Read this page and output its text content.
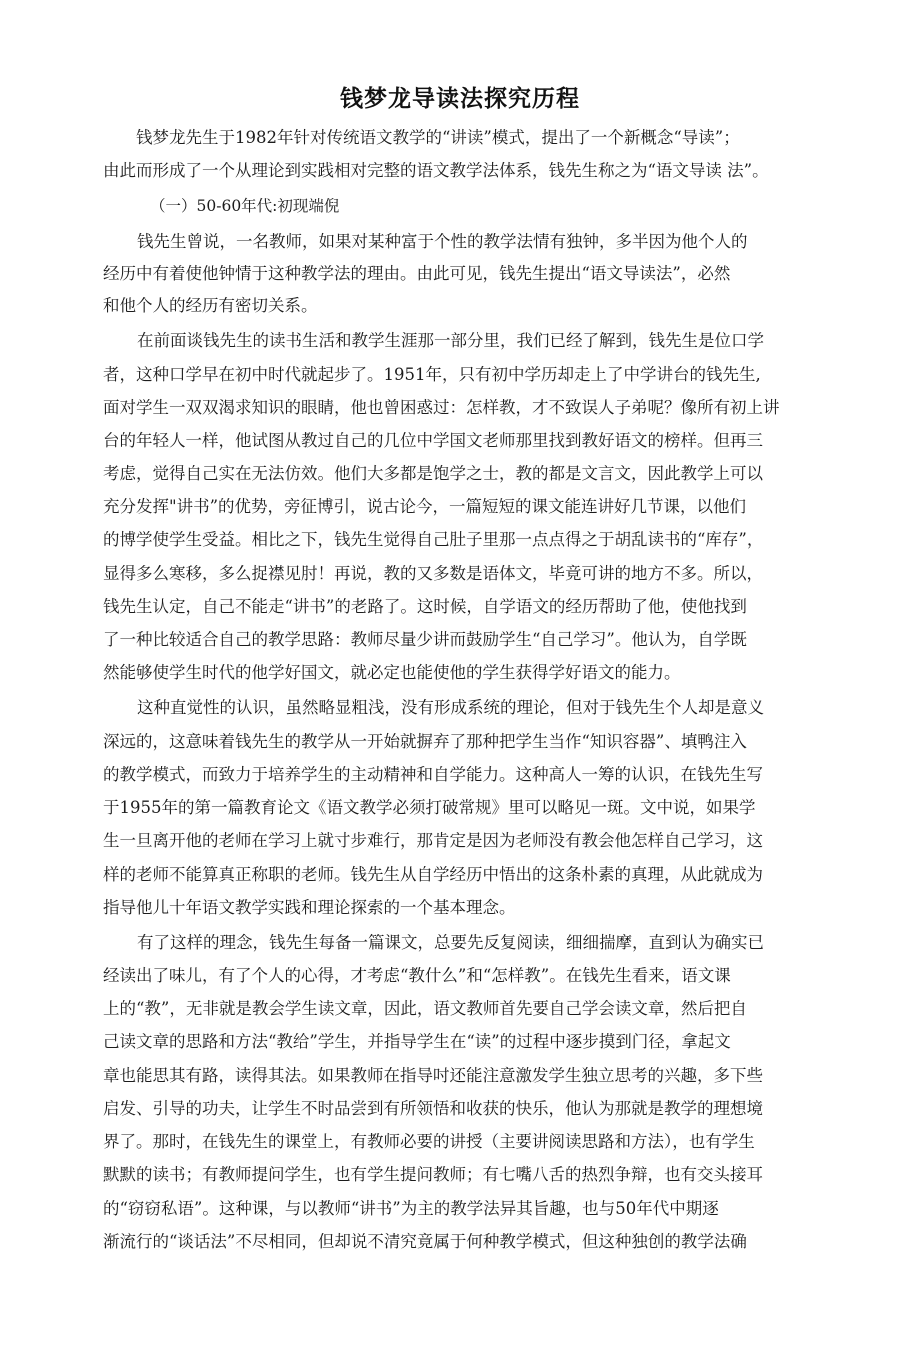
钱梦龙导读法探究历程
钱梦龙先生于1982年针对传统语文教学的“讲读”模式，提出了一个新概念“导读”；
由此而形成了一个从理论到实践相对完整的语文教学法体系，钱先生称之为“语文导读 法”。
（一）50-60年代:初现端倪
钱先生曾说，一名教师，如果对某种富于个性的教学法情有独钟，多半因为他个人的
经历中有着使他钟情于这种教学法的理由。由此可见，钱先生提出“语文导读法”，必然
和他个人的经历有密切关系。
在前面谈钱先生的读书生活和教学生涯那一部分里，我们已经了解到，钱先生是位口学
者，这种口学早在初中时代就起步了。1951年，只有初中学历却走上了中学讲台的钱先生,
面对学生一双双渴求知识的眼睛，他也曾困惑过：怎样教，才不致误人子弟呢？像所有初上讲
台的年轻人一样，他试图从教过自己的几位中学国文老师那里找到教好语文的榜样。但再三
考虑，觉得自己实在无法仿效。他们大多都是饱学之士，教的都是文言文，因此教学上可以
充分发挥"讲书”的优势，旁征博引，说古论今，一篇短短的课文能连讲好几节课，以他们
的博学使学生受益。相比之下，钱先生觉得自己肚子里那一点点得之于胡乱读书的“库存”，
显得多么寒移，多么捉襟见肘！再说，教的又多数是语体文，毕竟可讲的地方不多。所以，
钱先生认定，自己不能走“讲书”的老路了。这时候，自学语文的经历帮助了他，使他找到
了一种比较适合自己的教学思路：教师尽量少讲而鼓励学生“自己学习”。他认为，自学既
然能够使学生时代的他学好国文，就必定也能使他的学生获得学好语文的能力。
这种直觉性的认识，虽然略显粗浅，没有形成系统的理论，但对于钱先生个人却是意义
深远的，这意味着钱先生的教学从一开始就摒弃了那种把学生当作“知识容器”、填鸭注入
的教学模式，而致力于培养学生的主动精神和自学能力。这种高人一筹的认识，在钱先生写
于1955年的第一篇教育论文《语文教学必须打破常规》里可以略见一斑。文中说，如果学
生一旦离开他的老师在学习上就寸步难行，那肯定是因为老师没有教会他怎样自己学习，这
样的老师不能算真正称职的老师。钱先生从自学经历中悟出的这条朴素的真理，从此就成为
指导他儿十年语文教学实践和理论探索的一个基本理念。
有了这样的理念，钱先生每备一篇课文，总要先反复阅读，细细揣摩，直到认为确实已
经读出了味儿，有了个人的心得，才考虑“教什么”和“怎样教”。在钱先生看来，语文课
上的“教”，无非就是教会学生读文章，因此，语文教师首先要自己学会读文章，然后把自
己读文章的思路和方法“教给”学生，并指导学生在“读”的过程中逐步摸到门径，拿起文
章也能思其有路，读得其法。如果教师在指导吋还能注意激发学生独立思考的兴趣，多下些
启发、引导的功夫，让学生不时品尝到有所领悟和收获的快乐，他认为那就是教学的理想境
界了。那时，在钱先生的课堂上，有教师必要的讲授（主要讲阅读思路和方法），也有学生
默默的读书；有教师提问学生，也有学生提问教师；有七嘴八舌的热烈争辩，也有交头接耳
的“窃窃私语”。这种课，与以教师“讲书”为主的教学法异其旨趣，也与50年代中期逐
渐流行的“谈话法”不尽相同，但却说不清究竟属于何种教学模式，但这种独创的教学法确
